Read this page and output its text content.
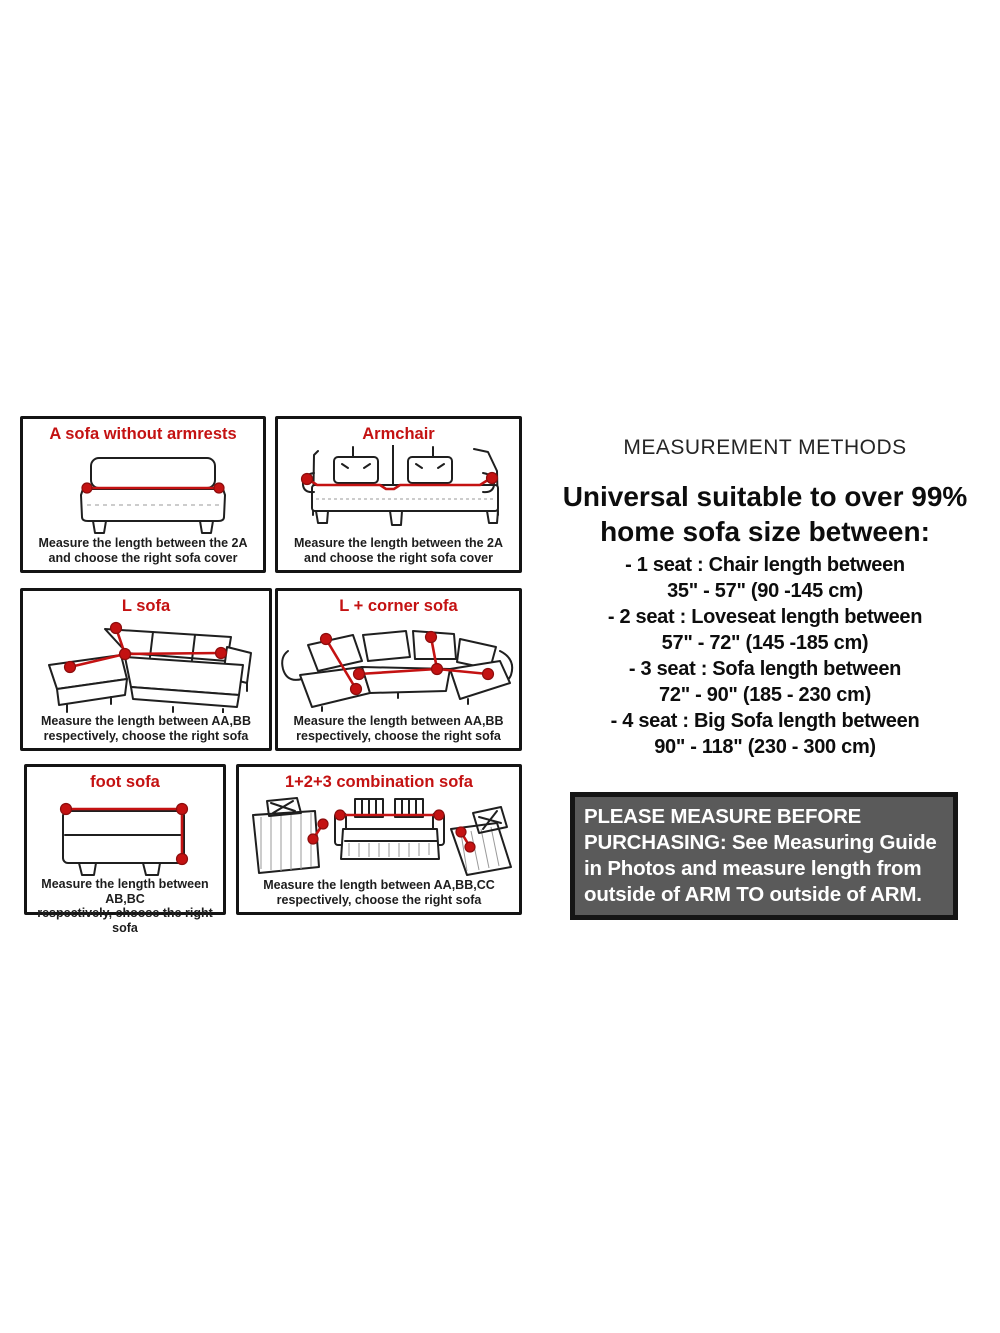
A sofa without armrests
Measure the length between the 2A
and choose the right sofa cover
Armchair
Measure the length between the 2A
and choose the right sofa cover
L sofa
Measure the length between AA,BB
respectively, choose the right sofa
L + corner sofa
Measure the length between AA,BB
respectively, choose the right sofa
foot sofa
Measure the length between AB,BC
respectively, choose the right sofa
1+2+3 combination sofa
Measure the length between AA,BB,CC
respectively, choose the right sofa
MEASUREMENT METHODS
Universal suitable to over 99%
home sofa size between:
- 1 seat : Chair length between
35" - 57" (90 -145 cm)
- 2 seat : Loveseat length between
57" - 72" (145 -185 cm)
- 3 seat : Sofa length between
72" - 90" (185 - 230 cm)
- 4 seat : Big Sofa length between
90" - 118" (230 - 300 cm)
PLEASE MEASURE BEFORE
PURCHASING: See Measuring Guide
in Photos and measure length from
outside of ARM TO outside of ARM.
